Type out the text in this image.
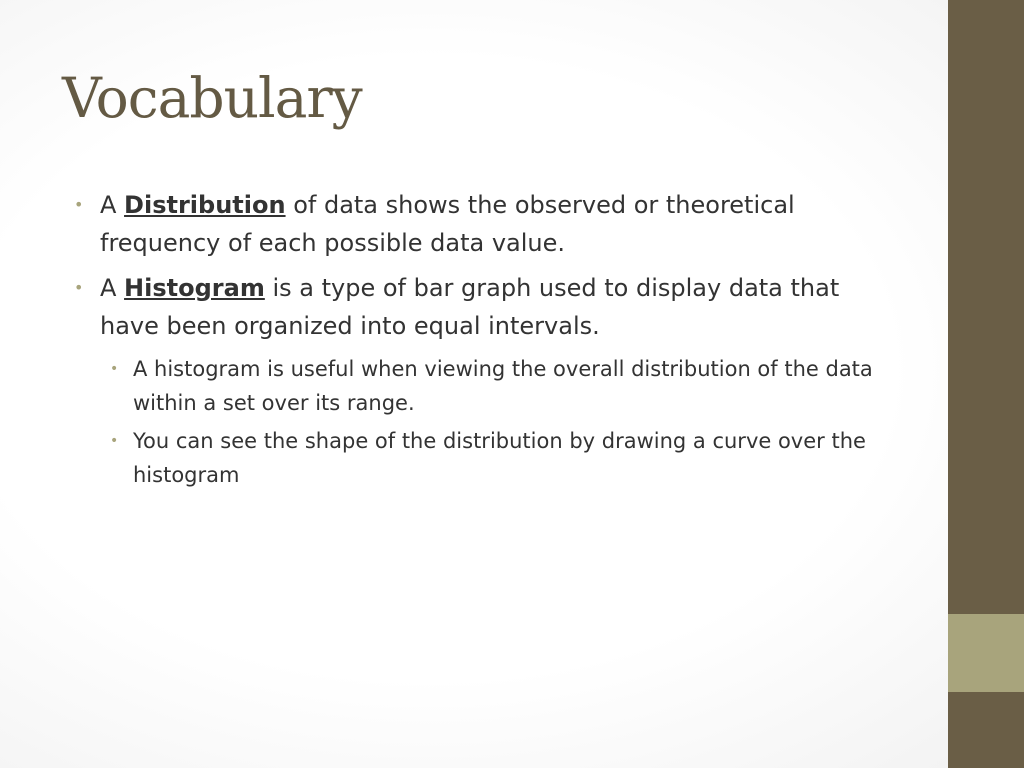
Vocabulary

• A Distribution of data shows the observed or theoretical frequency of each possible data value.

• A Histogram is a type of bar graph used to display data that have been organized into equal intervals.

• A histogram is useful when viewing the overall distribution of the data within a set over its range.

• You can see the shape of the distribution by drawing a curve over the histogram
